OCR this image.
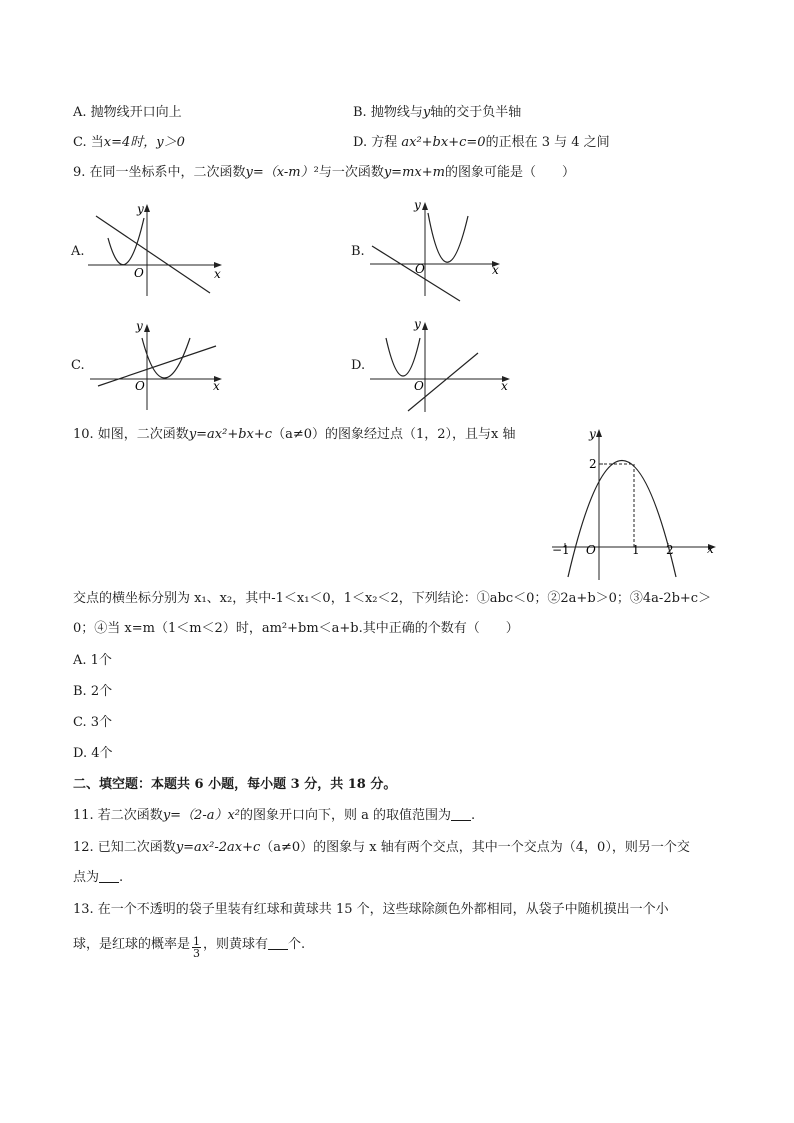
A. 抛物线开口向上	B. 抛物线与y轴的交于负半轴
C. 当x=4时，y＞0	D. 方程 ax²+bx+c=0的正根在 3 与 4 之间
9. 在同一坐标系中，二次函数y=（x-m）²与一次函数y=mx+m的图象可能是（　　）
A.
y
x
O
B.
y
x
O
C.
y
x
O
D.
y
x
O
10. 如图，二次函数y=ax²+bx+c（a≠0）的图象经过点（1，2），且与x 轴	y
x
O
2
−1	1 2
交点的横坐标分别为 x₁、x₂，其中-1＜x₁＜0，1＜x₂＜2，下列结论：①abc＜0；②2a+b＞0；③4a-2b+c＞
0；④当 x=m（1＜m＜2）时，am²+bm＜a+b.其中正确的个数有（　　）
A. 1个
B. 2个
C. 3个
D. 4个
二、填空题：本题共 6 小题，每小题 3 分，共 18 分。
11. 若二次函数y=（2-a）x²的图象开口向下，则 a 的取值范围为 .
12. 已知二次函数y=ax²-2ax+c（a≠0）的图象与 x 轴有两个交点，其中一个交点为（4，0），则另一个交
点为 .
13. 在一个不透明的袋子里装有红球和黄球共 15 个，这些球除颜色外都相同，从袋子中随机摸出一个小
球，是红球的概率是 $\frac{1}{3}$ ，则黄球有 个.
